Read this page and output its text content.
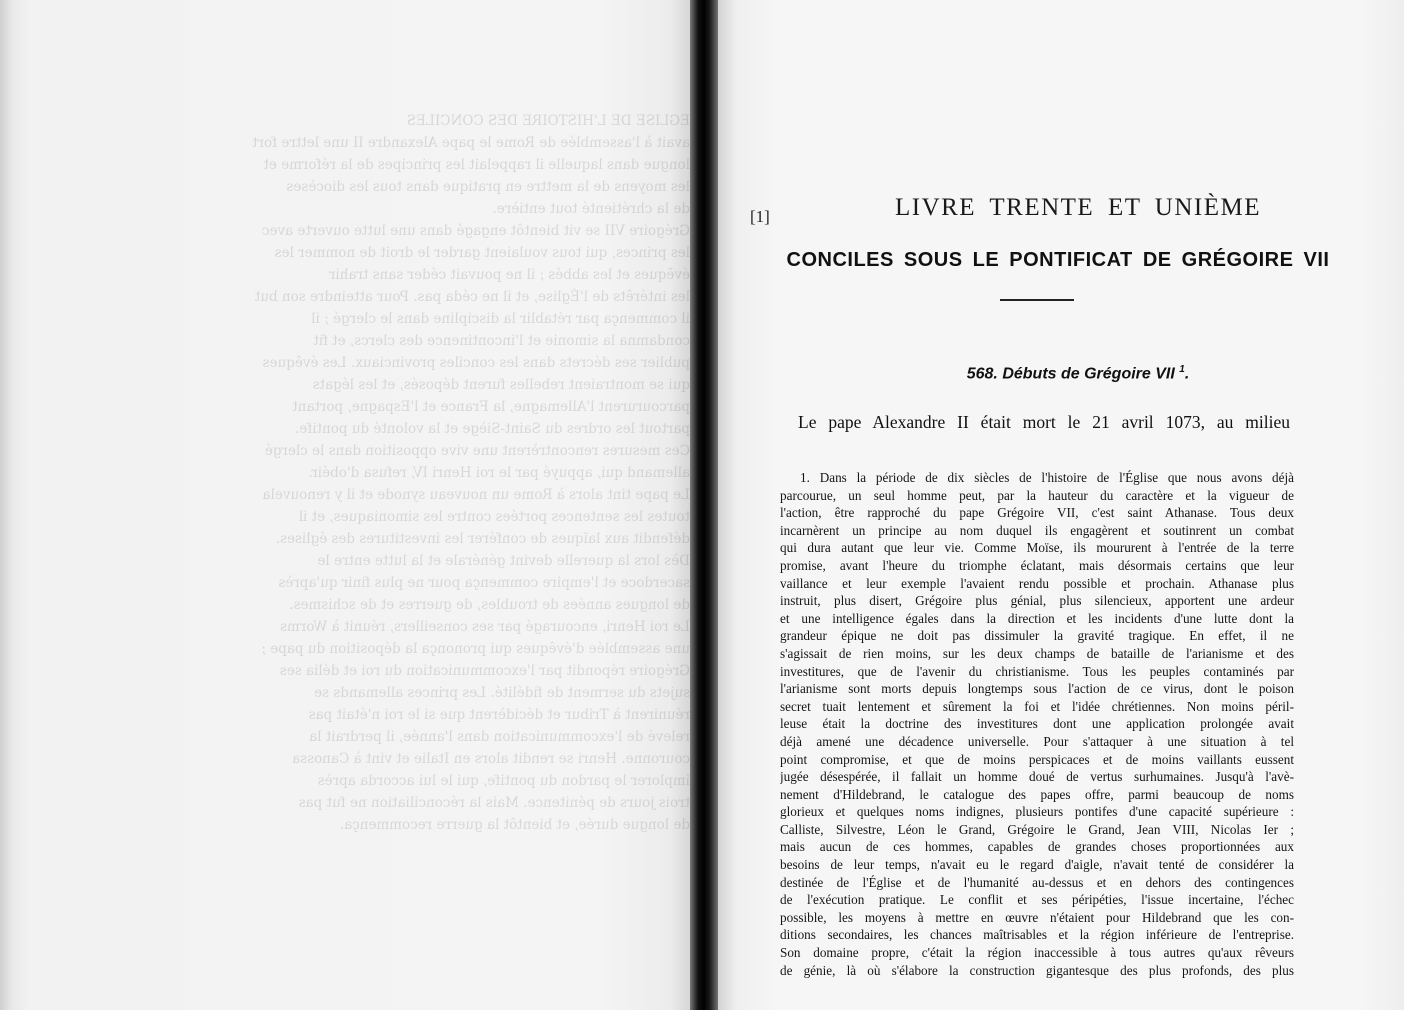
ÉGLISE DE L'HISTOIRE DES CONCILES
avait à l'assemblée de Rome le pape Alexandre II une lettre fort
longue dans laquelle il rappelait les principes de la réforme et
les moyens de la mettre en pratique dans tous les diocèses
de la chrétienté tout entière.
Grégoire VII se vit bientôt engagé dans une lutte ouverte avec
les princes, qui tous voulaient garder le droit de nommer les
évêques et les abbés ; il ne pouvait céder sans trahir
les intérêts de l'Église, et il ne céda pas. Pour atteindre son but
il commença par rétablir la discipline dans le clergé ; il
condamna la simonie et l'incontinence des clercs, et fit
publier ses décrets dans les conciles provinciaux. Les évêques
qui se montraient rebelles furent déposés, et les légats
parcoururent l'Allemagne, la France et l'Espagne, portant
partout les ordres du Saint-Siège et la volonté du pontife.
Ces mesures rencontrèrent une vive opposition dans le clergé
allemand qui, appuyé par le roi Henri IV, refusa d'obéir.
Le pape tint alors à Rome un nouveau synode et il y renouvela
toutes les sentences portées contre les simoniaques, et il
défendit aux laïques de conférer les investitures des églises.
Dès lors la querelle devint générale et la lutte entre le
sacerdoce et l'empire commença pour ne plus finir qu'après
de longues années de troubles, de guerres et de schismes.
Le roi Henri, encouragé par ses conseillers, réunit à Worms
une assemblée d'évêques qui prononça la déposition du pape ;
Grégoire répondit par l'excommunication du roi et délia ses
sujets du serment de fidélité. Les princes allemands se
réunirent à Tribur et décidèrent que si le roi n'était pas
relevé de l'excommunication dans l'année, il perdrait la
couronne. Henri se rendit alors en Italie et vint à Canossa
implorer le pardon du pontife, qui le lui accorda après
trois jours de pénitence. Mais la réconciliation ne fut pas
de longue durée, et bientôt la guerre recommença.
[1]	LIVRE TRENTE ET UNIÈME
CONCILES SOUS LE PONTIFICAT DE GRÉGOIRE VII
568. Débuts de Grégoire VII $^1$.
Le pape Alexandre II était mort le 21 avril 1073, au milieu
1. Dans la période de dix siècles de l'histoire de l'Église que nous avons déjà
parcourue, un seul homme peut, par la hauteur du caractère et la vigueur de
l'action, être rapproché du pape Grégoire VII, c'est saint Athanase. Tous deux
incarnèrent un principe au nom duquel ils engagèrent et soutinrent un combat
qui dura autant que leur vie. Comme Moïse, ils moururent à l'entrée de la terre
promise, avant l'heure du triomphe éclatant, mais désormais certains que leur
vaillance et leur exemple l'avaient rendu possible et prochain. Athanase plus
instruit, plus disert, Grégoire plus génial, plus silencieux, apportent une ardeur
et une intelligence égales dans la direction et les incidents d'une lutte dont la
grandeur épique ne doit pas dissimuler la gravité tragique. En effet, il ne
s'agissait de rien moins, sur les deux champs de bataille de l'arianisme et des
investitures, que de l'avenir du christianisme. Tous les peuples contaminés par
l'arianisme sont morts depuis longtemps sous l'action de ce virus, dont le poison
secret tuait lentement et sûrement la foi et l'idée chrétiennes. Non moins péril-
leuse était la doctrine des investitures dont une application prolongée avait
déjà amené une décadence universelle. Pour s'attaquer à une situation à tel
point compromise, et que de moins perspicaces et de moins vaillants eussent
jugée désespérée, il fallait un homme doué de vertus surhumaines. Jusqu'à l'avè-
nement d'Hildebrand, le catalogue des papes offre, parmi beaucoup de noms
glorieux et quelques noms indignes, plusieurs pontifes d'une capacité supérieure :
Calliste, Silvestre, Léon le Grand, Grégoire le Grand, Jean VIII, Nicolas Ier ;
mais aucun de ces hommes, capables de grandes choses proportionnées aux
besoins de leur temps, n'avait eu le regard d'aigle, n'avait tenté de considérer la
destinée de l'Église et de l'humanité au-dessus et en dehors des contingences
de l'exécution pratique. Le conflit et ses péripéties, l'issue incertaine, l'échec
possible, les moyens à mettre en œuvre n'étaient pour Hildebrand que les con-
ditions secondaires, les chances maîtrisables et la région inférieure de l'entreprise.
Son domaine propre, c'était la région inaccessible à tous autres qu'aux rêveurs
de génie, là où s'élabore la construction gigantesque des plus profonds, des plus
